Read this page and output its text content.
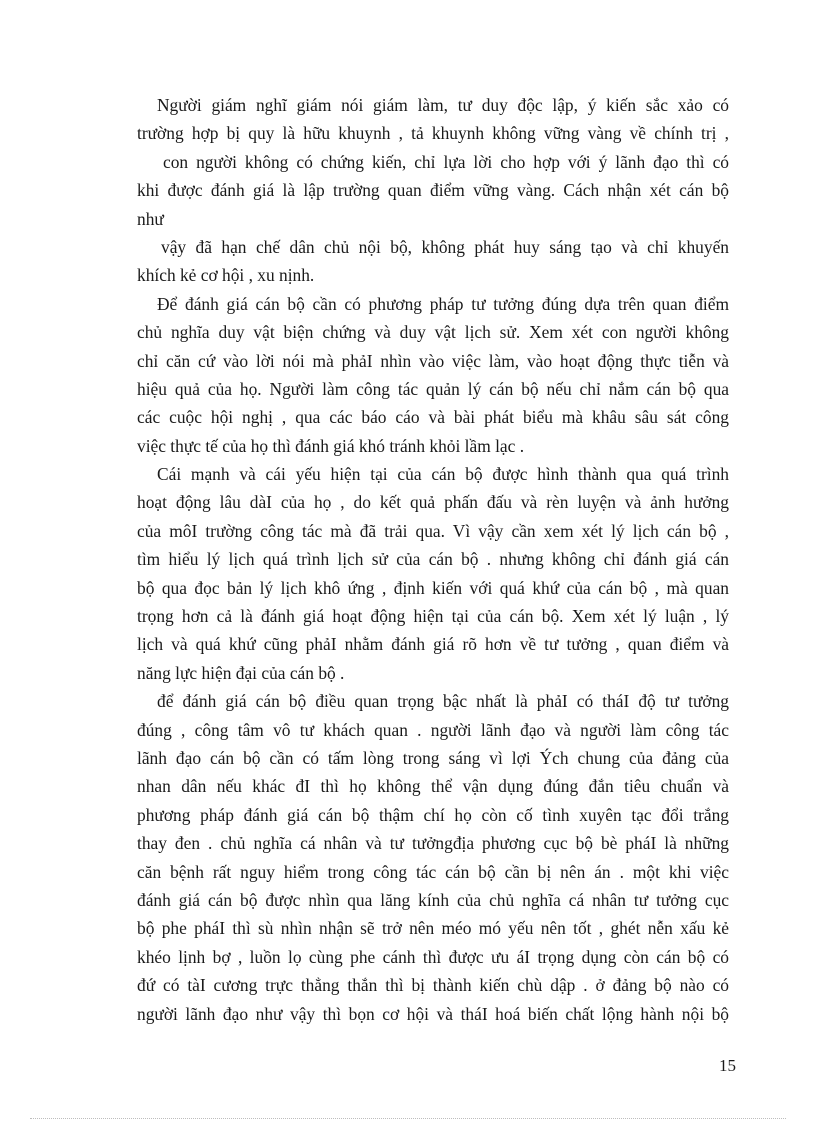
Người giám nghĩ giám nói giám làm, tư duy độc lập, ý kiến sắc xảo có
trường hợp bị quy là hữu khuynh , tả khuynh không vững vàng về chính trị ,
con người không có chứng kiến, chỉ lựa lời cho hợp với ý lãnh đạo thì có
khi được đánh giá là lập trường quan điểm vững vàng. Cách nhận xét cán bộ
như
vậy đã hạn chế dân chủ nội bộ, không phát huy sáng tạo và chỉ khuyến
khích kẻ cơ hội , xu nịnh.
Để đánh giá cán bộ cần có phương pháp tư tưởng đúng dựa trên quan điểm
chủ nghĩa duy vật biện chứng và duy vật lịch sử. Xem xét con người không
chỉ căn cứ vào lời nói mà phảI nhìn vào việc làm, vào hoạt động thực tiễn và
hiệu quả của họ. Người làm công tác quản lý cán bộ nếu chỉ nắm cán bộ qua
các cuộc hội nghị , qua các báo cáo và bài phát biểu mà khâu sâu sát công
việc thực tế của họ thì đánh giá khó tránh khỏi lầm lạc .
Cái mạnh và cái yếu hiện tại của cán bộ được hình thành qua quá trình
hoạt động lâu dàI của họ , do kết quả phấn đấu và rèn luyện và ảnh hưởng
của môI trường công tác mà đã trải qua. Vì vậy cần xem xét lý lịch cán bộ ,
tìm hiểu lý lịch quá trình lịch sử của cán bộ . nhưng không chỉ đánh giá cán
bộ qua đọc bản lý lịch khô ứng , định kiến với quá khứ của cán bộ , mà quan
trọng hơn cả là đánh giá hoạt động hiện tại của cán bộ. Xem xét lý luận , lý
lịch và quá khứ cũng phảI nhằm đánh giá rõ hơn về tư tưởng , quan điểm và
năng lực hiện đại của cán bộ .
để đánh giá cán bộ điều quan trọng bậc nhất là phảI có tháI độ tư tưởng
đúng , công tâm vô tư khách quan . người lãnh đạo và người làm công tác
lãnh đạo cán bộ cần có tấm lòng trong sáng vì lợi Ých chung của đảng của
nhan dân nếu khác đI thì họ không thể vận dụng đúng đắn tiêu chuẩn và
phương pháp đánh giá cán bộ thậm chí họ còn cố tình xuyên tạc đổi trắng
thay đen . chủ nghĩa cá nhân và tư tưởngđịa phương cục bộ bè pháI là những
căn bệnh rất nguy hiểm trong công tác cán bộ cần bị nên án . một khi việc
đánh giá cán bộ được nhìn qua lăng kính của chủ nghĩa cá nhân tư tưởng cục
bộ phe pháI thì sù nhìn nhận sẽ trở nên méo mó yếu nên tốt , ghét nễn xấu kẻ
khéo lịnh bợ , luồn lọ cùng phe cánh thì được ưu áI trọng dụng còn cán bộ có
đứ có tàI cương trực thẳng thắn thì bị thành kiến chù dập . ở đảng bộ nào có
người lãnh đạo như vậy thì bọn cơ hội và tháI hoá biến chất lộng hành nội bộ
15
